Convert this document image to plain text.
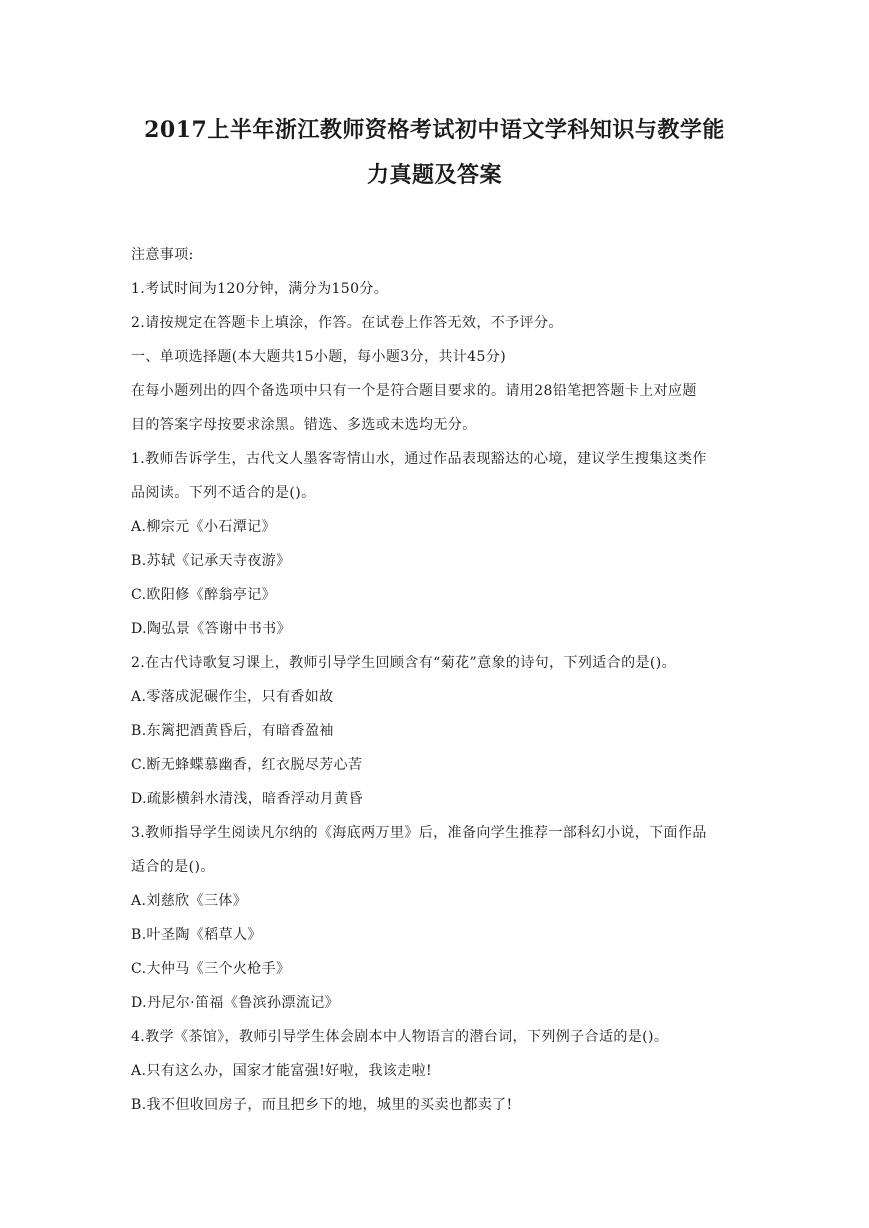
2017上半年浙江教师资格考试初中语文学科知识与教学能
力真题及答案
注意事项:
1.考试时间为120分钟，满分为150分。
2.请按规定在答题卡上填涂，作答。在试卷上作答无效，不予评分。
一、单项选择题(本大题共15小题，每小题3分，共计45分)
在每小题列出的四个备选项中只有一个是符合题目要求的。请用28铅笔把答题卡上对应题
目的答案字母按要求涂黑。错选、多选或未选均无分。
1.教师告诉学生，古代文人墨客寄情山水，通过作品表现豁达的心境，建议学生搜集这类作
品阅读。下列不适合的是()。
A.柳宗元《小石潭记》
B.苏轼《记承天寺夜游》
C.欧阳修《醉翁亭记》
D.陶弘景《答谢中书书》
2.在古代诗歌复习课上，教师引导学生回顾含有“菊花”意象的诗句，下列适合的是()。
A.零落成泥碾作尘，只有香如故
B.东篱把酒黄昏后，有暗香盈袖
C.断无蜂蝶慕幽香，红衣脱尽芳心苦
D.疏影横斜水清浅，暗香浮动月黄昏
3.教师指导学生阅读凡尔纳的《海底两万里》后，准备向学生推荐一部科幻小说，下面作品
适合的是()。
A.刘慈欣《三体》
B.叶圣陶《稻草人》
C.大仲马《三个火枪手》
D.丹尼尔·笛福《鲁滨孙漂流记》
4.教学《茶馆》，教师引导学生体会剧本中人物语言的潜台词，下列例子合适的是()。
A.只有这么办，国家才能富强!好啦，我该走啦!
B.我不但收回房子，而且把乡下的地，城里的买卖也都卖了!
